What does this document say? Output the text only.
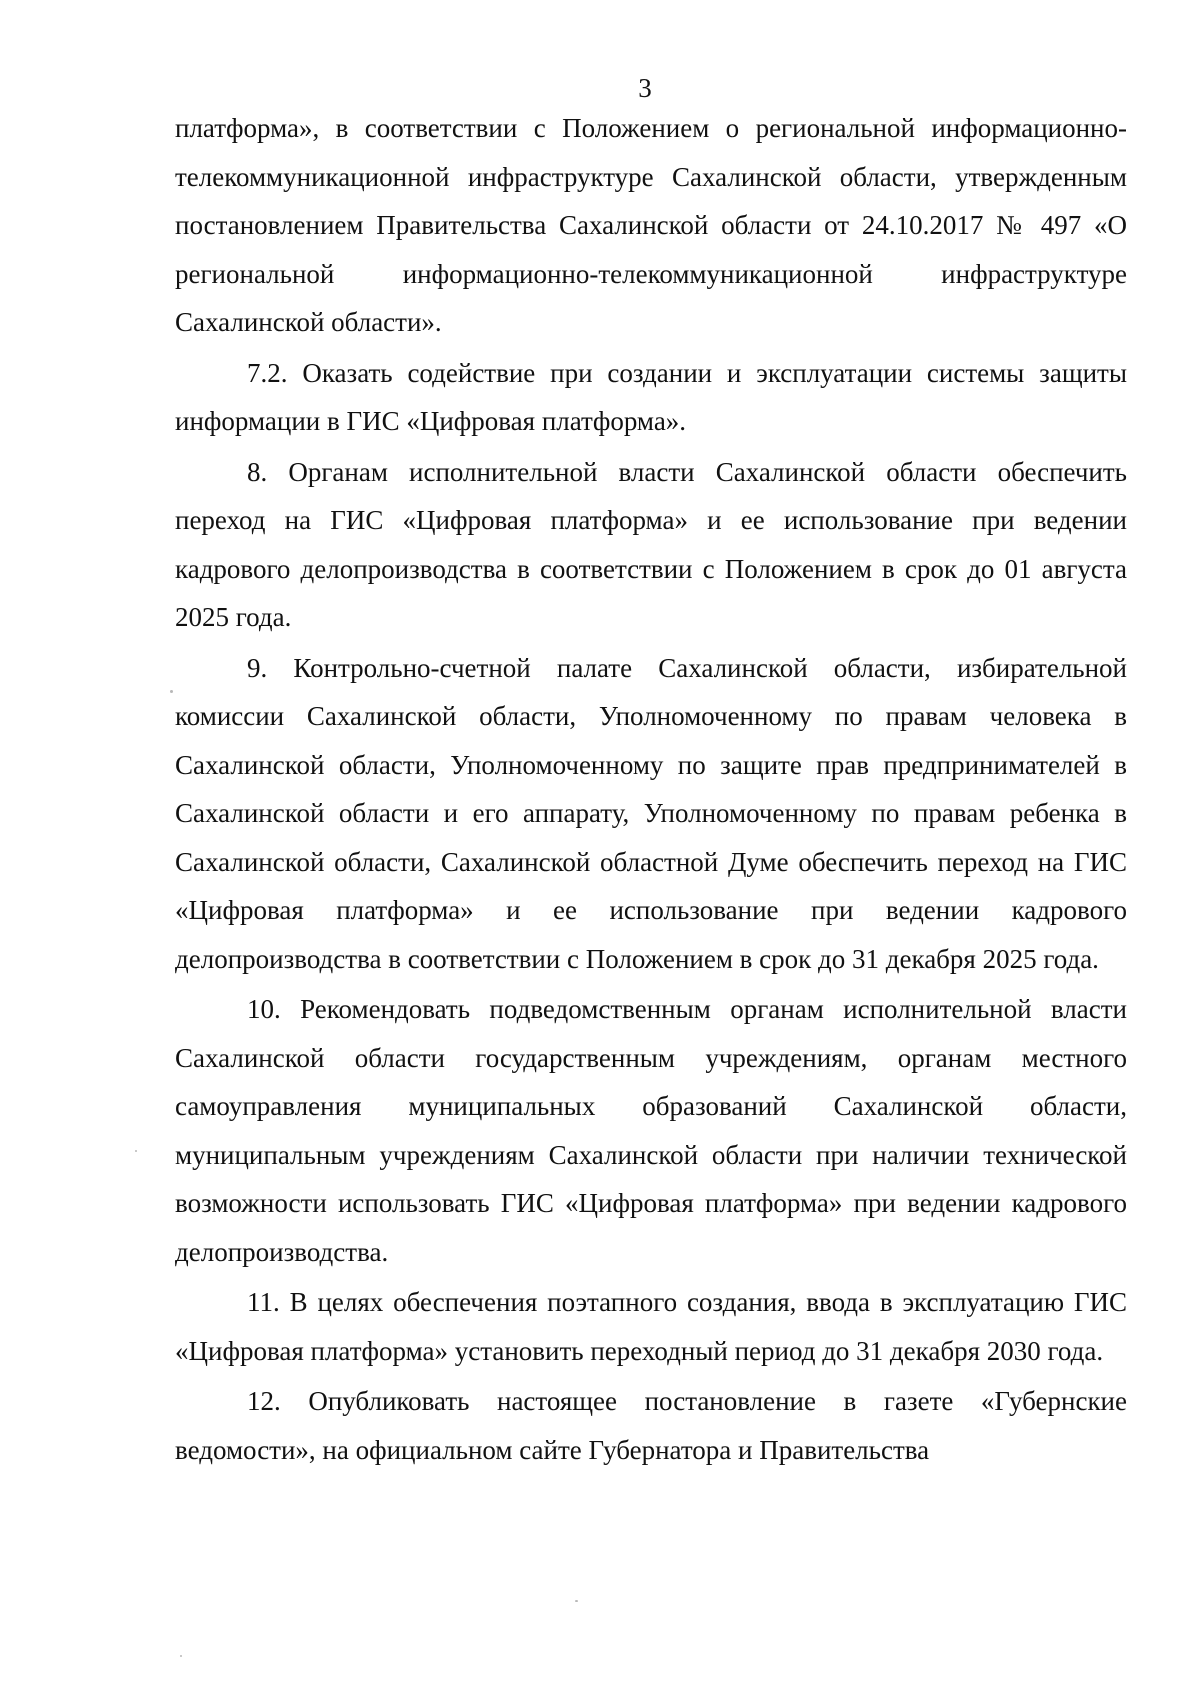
3

платформа», в соответствии с Положением о региональной информационно-телекоммуникационной инфраструктуре Сахалинской области, утвержденным постановлением Правительства Сахалинской области от 24.10.2017 № 497 «О региональной информационно-телекоммуникационной инфраструктуре Сахалинской области».

7.2. Оказать содействие при создании и эксплуатации системы защиты информации в ГИС «Цифровая платформа».

8. Органам исполнительной власти Сахалинской области обеспечить переход на ГИС «Цифровая платформа» и ее использование при ведении кадрового делопроизводства в соответствии с Положением в срок до 01 августа 2025 года.

9. Контрольно-счетной палате Сахалинской области, избирательной комиссии Сахалинской области, Уполномоченному по правам человека в Сахалинской области, Уполномоченному по защите прав предпринимателей в Сахалинской области и его аппарату, Уполномоченному по правам ребенка в Сахалинской области, Сахалинской областной Думе обеспечить переход на ГИС «Цифровая платформа» и ее использование при ведении кадрового делопроизводства в соответствии с Положением в срок до 31 декабря 2025 года.

10. Рекомендовать подведомственным органам исполнительной власти Сахалинской области государственным учреждениям, органам местного самоуправления муниципальных образований Сахалинской области, муниципальным учреждениям Сахалинской области при наличии технической возможности использовать ГИС «Цифровая платформа» при ведении кадрового делопроизводства.

11. В целях обеспечения поэтапного создания, ввода в эксплуатацию ГИС «Цифровая платформа» установить переходный период до 31 декабря 2030 года.

12. Опубликовать настоящее постановление в газете «Губернские ведомости», на официальном сайте Губернатора и Правительства
